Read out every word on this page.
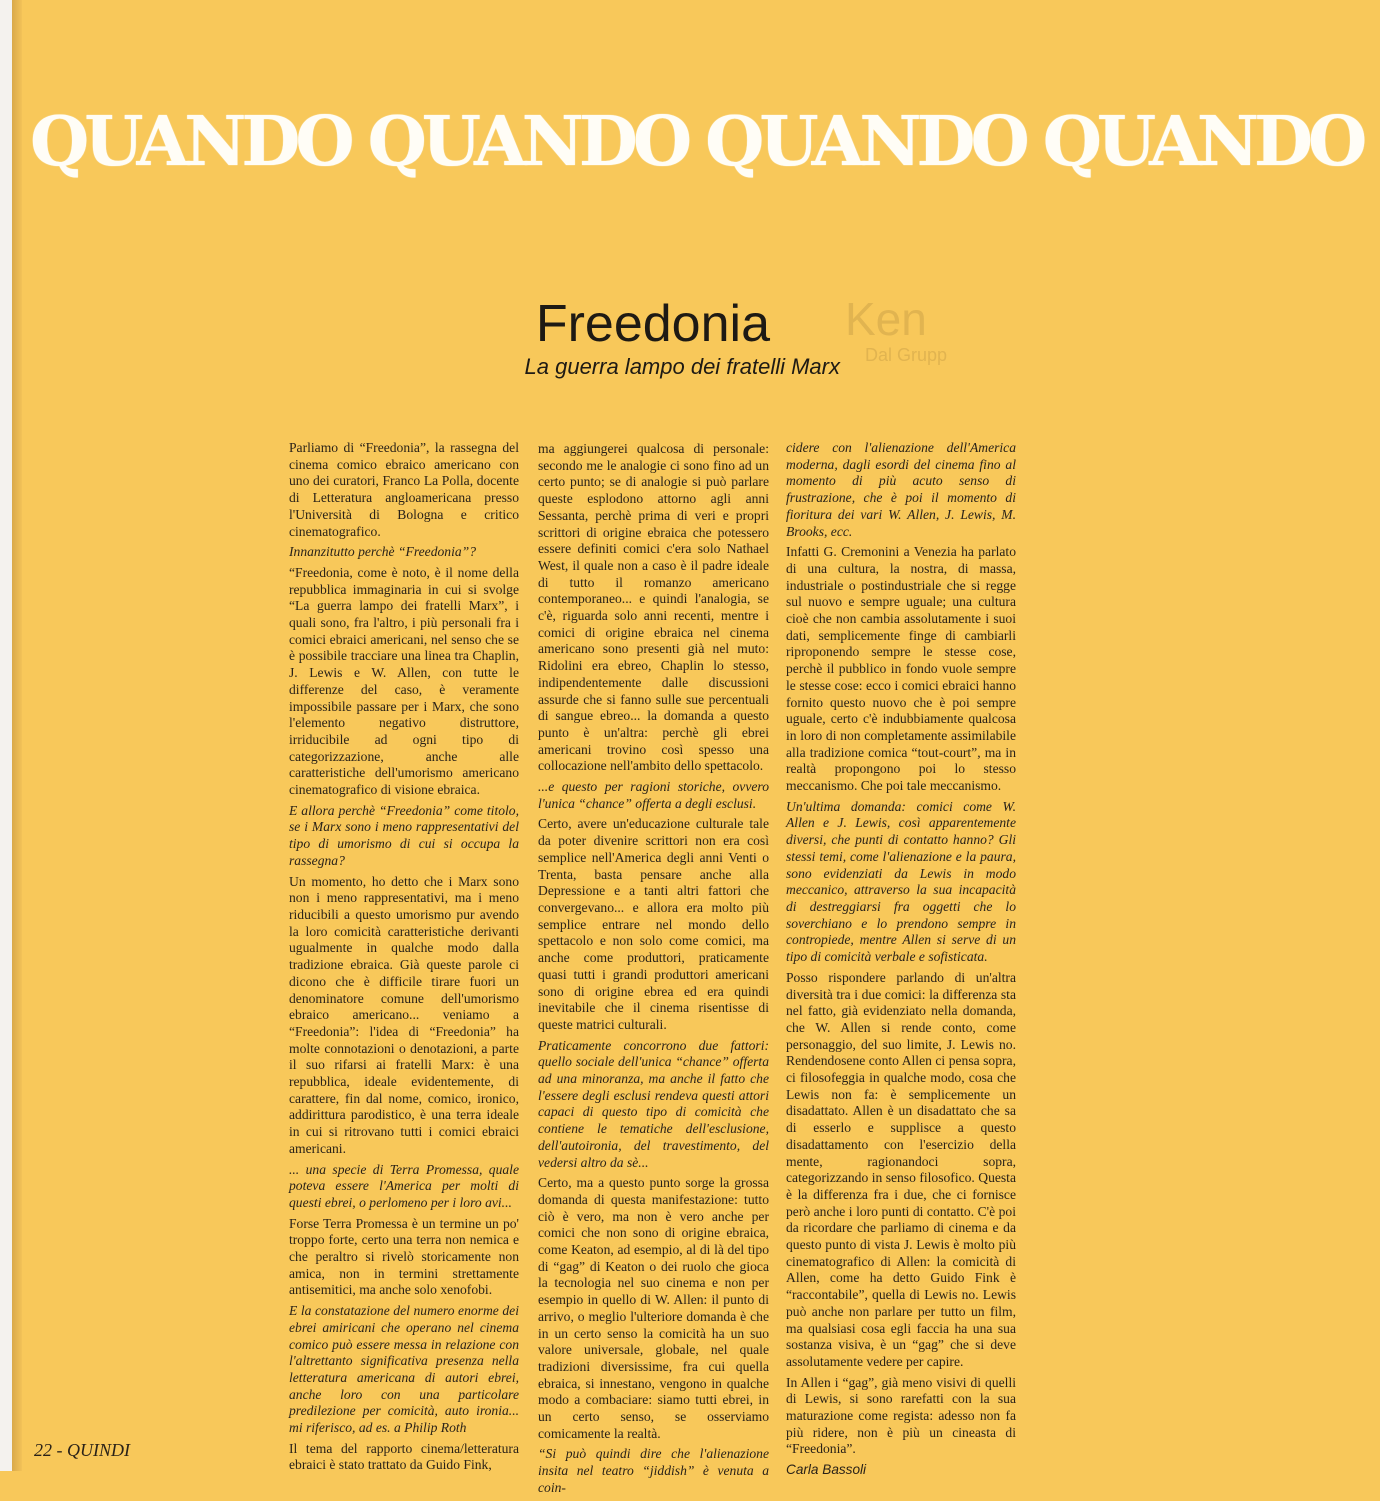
QUANDO QUANDO QUANDO QUANDO
Ken
Dal Grupp
Freedonia
La guerra lampo dei fratelli Marx

Parliamo di “Freedonia”, la rassegna del cinema comico ebraico americano con uno dei curatori, Franco La Polla, docente di Letteratura angloamericana presso l'Università di Bologna e critico cinematografico.

Innanzitutto perchè “Freedonia”?

“Freedonia, come è noto, è il nome della repubblica immaginaria in cui si svolge “La guerra lampo dei fratelli Marx”, i quali sono, fra l'altro, i più personali fra i comici ebraici americani, nel senso che se è possibile tracciare una linea tra Chaplin, J. Lewis e W. Allen, con tutte le differenze del caso, è veramente impossibile passare per i Marx, che sono l'elemento negativo distruttore, irriducibile ad ogni tipo di categorizzazione, anche alle caratteristiche dell'umorismo americano cinematografico di visione ebraica.

E allora perchè “Freedonia” come titolo, se i Marx sono i meno rappresentativi del tipo di umorismo di cui si occupa la rassegna?

Un momento, ho detto che i Marx sono non i meno rappresentativi, ma i meno riducibili a questo umorismo pur avendo la loro comicità caratteristiche derivanti ugualmente in qualche modo dalla tradizione ebraica. Già queste parole ci dicono che è difficile tirare fuori un denominatore comune dell'umorismo ebraico americano... veniamo a “Freedonia”: l'idea di “Freedonia” ha molte connotazioni o denotazioni, a parte il suo rifarsi ai fratelli Marx: è una repubblica, ideale evidentemente, di carattere, fin dal nome, comico, ironico, addirittura parodistico, è una terra ideale in cui si ritrovano tutti i comici ebraici americani.

... una specie di Terra Promessa, quale poteva essere l'America per molti di questi ebrei, o perlomeno per i loro avi...

Forse Terra Promessa è un termine un po' troppo forte, certo una terra non nemica e che peraltro si rivelò storicamente non amica, non in termini strettamente antisemitici, ma anche solo xenofobi.

E la constatazione del numero enorme dei ebrei amiricani che operano nel cinema comico può essere messa in relazione con l'altrettanto significativa presenza nella letteratura americana di autori ebrei, anche loro con una particolare predilezione per comicità, auto ironia... mi riferisco, ad es. a Philip Roth

Il tema del rapporto cinema/letteratura ebraici è stato trattato da Guido Fink,

ma aggiungerei qualcosa di personale: secondo me le analogie ci sono fino ad un certo punto; se di analogie si può parlare queste esplodono attorno agli anni Sessanta, perchè prima di veri e propri scrittori di origine ebraica che potessero essere definiti comici c'era solo Nathael West, il quale non a caso è il padre ideale di tutto il romanzo americano contemporaneo... e quindi l'analogia, se c'è, riguarda solo anni recenti, mentre i comici di origine ebraica nel cinema americano sono presenti già nel muto: Ridolini era ebreo, Chaplin lo stesso, indipendentemente dalle discussioni assurde che si fanno sulle sue percentuali di sangue ebreo... la domanda a questo punto è un'altra: perchè gli ebrei americani trovino così spesso una collocazione nell'ambito dello spettacolo.

...e questo per ragioni storiche, ovvero l'unica “chance” offerta a degli esclusi.

Certo, avere un'educazione culturale tale da poter divenire scrittori non era così semplice nell'America degli anni Venti o Trenta, basta pensare anche alla Depressione e a tanti altri fattori che convergevano... e allora era molto più semplice entrare nel mondo dello spettacolo e non solo come comici, ma anche come produttori, praticamente quasi tutti i grandi produttori americani sono di origine ebrea ed era quindi inevitabile che il cinema risentisse di queste matrici culturali.

Praticamente concorrono due fattori: quello sociale dell'unica “chance” offerta ad una minoranza, ma anche il fatto che l'essere degli esclusi rendeva questi attori capaci di questo tipo di comicità che contiene le tematiche dell'esclusione, dell'autoironia, del travestimento, del vedersi altro da sè...

Certo, ma a questo punto sorge la grossa domanda di questa manifestazione: tutto ciò è vero, ma non è vero anche per comici che non sono di origine ebraica, come Keaton, ad esempio, al di là del tipo di “gag” di Keaton o dei ruolo che gioca la tecnologia nel suo cinema e non per esempio in quello di W. Allen: il punto di arrivo, o meglio l'ulteriore domanda è che in un certo senso la comicità ha un suo valore universale, globale, nel quale tradizioni diversissime, fra cui quella ebraica, si innestano, vengono in qualche modo a combaciare: siamo tutti ebrei, in un certo senso, se osserviamo comicamente la realtà.

“Si può quindi dire che l'alienazione insita nel teatro “jiddish” è venuta a coin-

cidere con l'alienazione dell'America moderna, dagli esordi del cinema fino al momento di più acuto senso di frustrazione, che è poi il momento di fioritura dei vari W. Allen, J. Lewis, M. Brooks, ecc.

Infatti G. Cremonini a Venezia ha parlato di una cultura, la nostra, di massa, industriale o postindustriale che si regge sul nuovo e sempre uguale; una cultura cioè che non cambia assolutamente i suoi dati, semplicemente finge di cambiarli riproponendo sempre le stesse cose, perchè il pubblico in fondo vuole sempre le stesse cose: ecco i comici ebraici hanno fornito questo nuovo che è poi sempre uguale, certo c'è indubbiamente qualcosa in loro di non completamente assimilabile alla tradizione comica “tout-court”, ma in realtà propongono poi lo stesso meccanismo. Che poi tale meccanismo.

Un'ultima domanda: comici come W. Allen e J. Lewis, così apparentemente diversi, che punti di contatto hanno? Gli stessi temi, come l'alienazione e la paura, sono evidenziati da Lewis in modo meccanico, attraverso la sua incapacità di destreggiarsi fra oggetti che lo soverchiano e lo prendono sempre in contropiede, mentre Allen si serve di un tipo di comicità verbale e sofisticata.

Posso rispondere parlando di un'altra diversità tra i due comici: la differenza sta nel fatto, già evidenziato nella domanda, che W. Allen si rende conto, come personaggio, del suo limite, J. Lewis no. Rendendosene conto Allen ci pensa sopra, ci filosofeggia in qualche modo, cosa che Lewis non fa: è semplicemente un disadattato. Allen è un disadattato che sa di esserlo e supplisce a questo disadattamento con l'esercizio della mente, ragionandoci sopra, categorizzando in senso filosofico. Questa è la differenza fra i due, che ci fornisce però anche i loro punti di contatto. C'è poi da ricordare che parliamo di cinema e da questo punto di vista J. Lewis è molto più cinematografico di Allen: la comicità di Allen, come ha detto Guido Fink è “raccontabile”, quella di Lewis no. Lewis può anche non parlare per tutto un film, ma qualsiasi cosa egli faccia ha una sua sostanza visiva, è un “gag” che si deve assolutamente vedere per capire.

In Allen i “gag”, già meno visivi di quelli di Lewis, si sono rarefatti con la sua maturazione come regista: adesso non fa più ridere, non è più un cineasta di “Freedonia”.

Carla Bassoli

22 - QUINDI
